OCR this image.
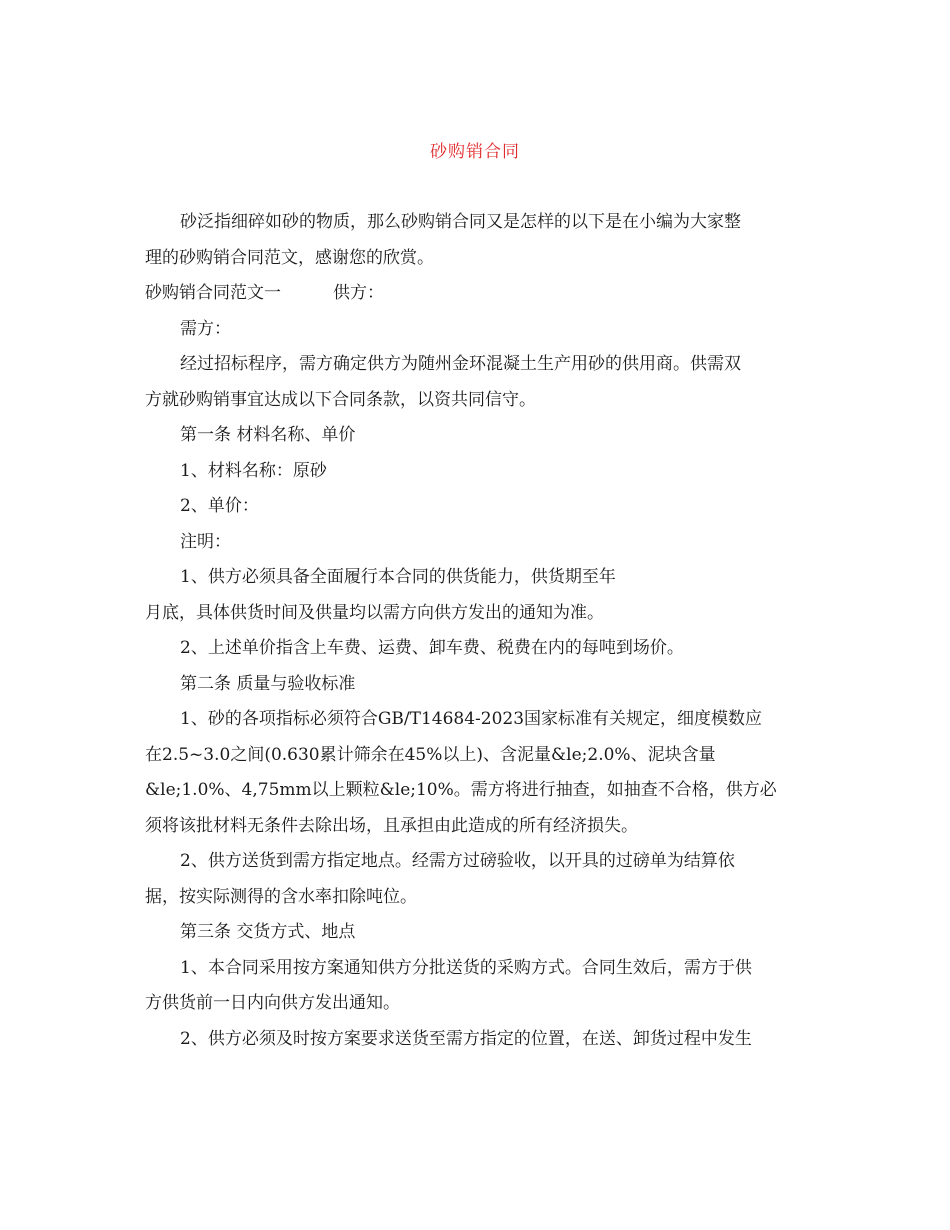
砂购销合同

砂泛指细碎如砂的物质，那么砂购销合同又是怎样的以下是在小编为大家整

理的砂购销合同范文，感谢您的欣赏。

砂购销合同范文一	供方：

需方：

经过招标程序，需方确定供方为随州金环混凝土生产用砂的供用商。供需双

方就砂购销事宜达成以下合同条款，以资共同信守。

第一条 材料名称、单价

1、材料名称：原砂

2、单价：

注明：

1、供方必须具备全面履行本合同的供货能力，供货期至年

月底，具体供货时间及供量均以需方向供方发出的通知为准。

2、上述单价指含上车费、运费、卸车费、税费在内的每吨到场价。

第二条 质量与验收标准

1、砂的各项指标必须符合GB/T14684-2023国家标准有关规定，细度模数应

在2.5~3.0之间(0.630累计筛余在45%以上)、含泥量&le;2.0%、泥块含量

&le;1.0%、4,75mm以上颗粒&le;10%。需方将进行抽查，如抽查不合格，供方必

须将该批材料无条件去除出场，且承担由此造成的所有经济损失。

2、供方送货到需方指定地点。经需方过磅验收，以开具的过磅单为结算依

据，按实际测得的含水率扣除吨位。

第三条 交货方式、地点

1、本合同采用按方案通知供方分批送货的采购方式。合同生效后，需方于供

方供货前一日内向供方发出通知。

2、供方必须及时按方案要求送货至需方指定的位置，在送、卸货过程中发生
